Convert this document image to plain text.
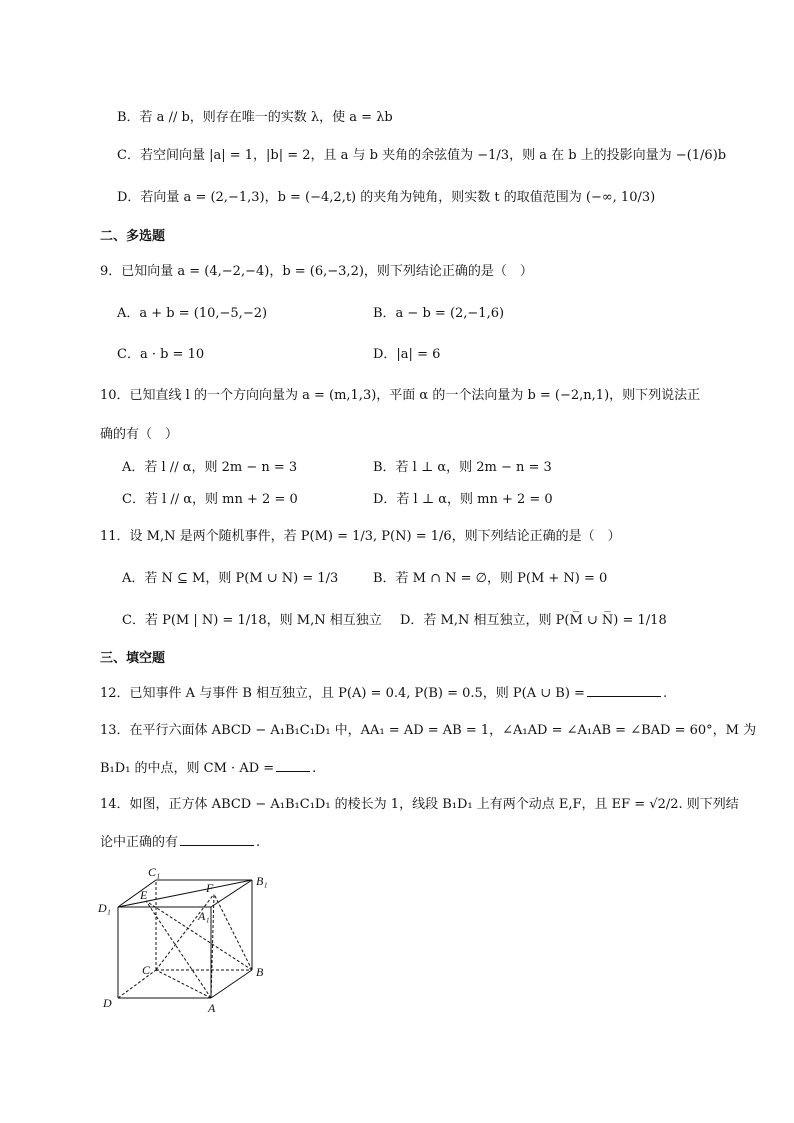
B．若 a // b，则存在唯一的实数 λ，使 a = λb
C．若空间向量 |a| = 1，|b| = 2，且 a 与 b 夹角的余弦值为 −1/3，则 a 在 b 上的投影向量为 −(1/6)b
D．若向量 a = (2,−1,3)，b = (−4,2,t) 的夹角为钝角，则实数 t 的取值范围为 (−∞, 10/3)
二、多选题
9．已知向量 a = (4,−2,−4)，b = (6,−3,2)，则下列结论正确的是（　）
A．a + b = (10,−5,−2)	B．a − b = (2,−1,6)
C．a · b = 10	D．|a| = 6
10．已知直线 l 的一个方向向量为 a = (m,1,3)，平面 α 的一个法向量为 b = (−2,n,1)，则下列说法正
确的有（　）
A．若 l // α，则 2m − n = 3	B．若 l ⊥ α，则 2m − n = 3
C．若 l // α，则 mn + 2 = 0	D．若 l ⊥ α，则 mn + 2 = 0
11．设 M,N 是两个随机事件，若 P(M) = 1/3, P(N) = 1/6，则下列结论正确的是（　）
A．若 N ⊆ M，则 P(M ∪ N) = 1/3	B．若 M ∩ N = ∅，则 P(M + N) = 0
C．若 P(M | N) = 1/18，则 M,N 相互独立 D．若 M,N 相互独立，则 P(M̅ ∪ N̅) = 1/18
三、填空题
12．已知事件 A 与事件 B 相互独立，且 P(A) = 0.4, P(B) = 0.5，则 P(A ∪ B) =	.
13．在平行六面体 ABCD − A₁B₁C₁D₁ 中，AA₁ = AD = AB = 1，∠A₁AD = ∠A₁AB = ∠BAD = 60°，M 为
B₁D₁ 的中点，则 CM · AD =	.
14．如图，正方体 ABCD − A₁B₁C₁D₁ 的棱长为 1，线段 B₁D₁ 上有两个动点 E,F，且 EF = √2/2. 则下列结
论中正确的有	.
C₁
B₁
D₁
A₁
E	F
C	B
D	A
